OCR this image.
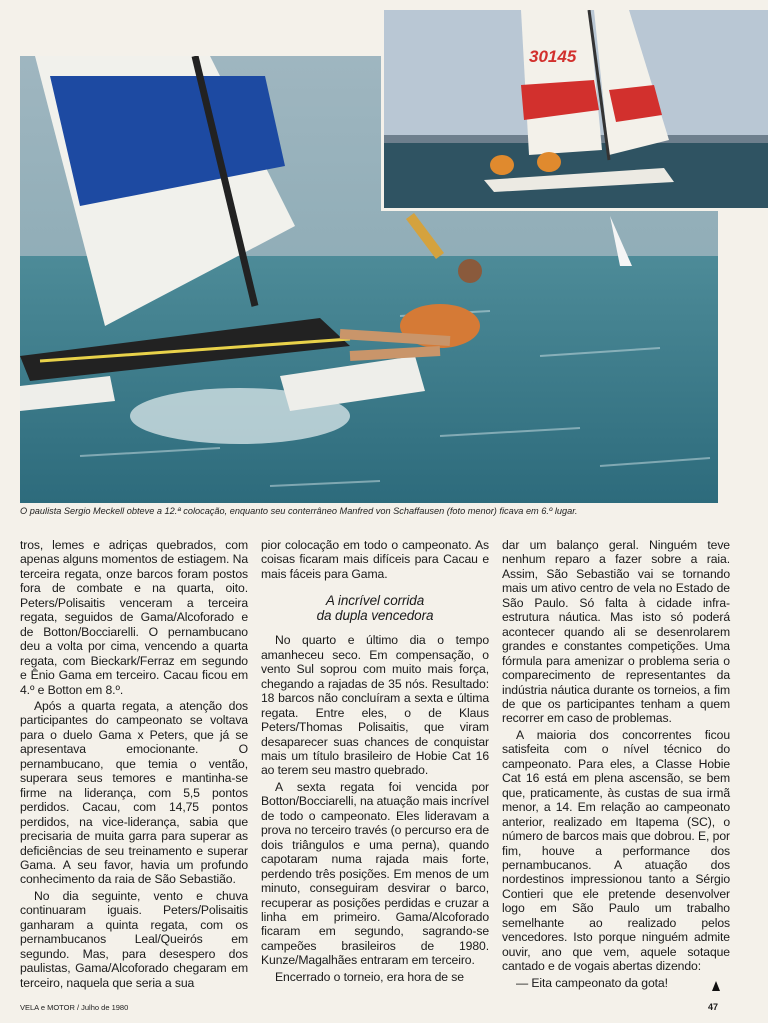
30145
O paulista Sergio Meckell obteve a 12.ª colocação, enquanto seu conterrâneo Manfred von Schaffausen (foto menor) ficava em 6.º lugar.

tros, lemes e adriças quebrados, com apenas alguns momentos de estiagem. Na terceira regata, onze barcos foram postos fora de combate e na quarta, oito. Peters/Polisaitis venceram a terceira regata, seguidos de Gama/Alcoforado e de Botton/Bocciarelli. O pernambucano deu a volta por cima, vencendo a quarta regata, com Bieckark/Ferraz em segundo e Ênio Gama em terceiro. Cacau ficou em 4.º e Botton em 8.º.

Após a quarta regata, a atenção dos participantes do campeonato se voltava para o duelo Gama x Peters, que já se apresentava emocionante. O pernambucano, que temia o ventão, superara seus temores e mantinha-se firme na liderança, com 5,5 pontos perdidos. Cacau, com 14,75 pontos perdidos, na vice-liderança, sabia que precisaria de muita garra para superar as deficiências de seu treinamento e superar Gama. A seu favor, havia um profundo conhecimento da raia de São Sebastião.

No dia seguinte, vento e chuva continuaram iguais. Peters/Polisaitis ganharam a quinta regata, com os pernambucanos Leal/Queirós em segundo. Mas, para desespero dos paulistas, Gama/Alcoforado chegaram em terceiro, naquela que seria a sua

pior colocação em todo o campeonato. As coisas ficaram mais difíceis para Cacau e mais fáceis para Gama.

A incrível corrida
da dupla vencedora

No quarto e último dia o tempo amanheceu seco. Em compensação, o vento Sul soprou com muito mais força, chegando a rajadas de 35 nós. Resultado: 18 barcos não concluíram a sexta e última regata. Entre eles, o de Klaus Peters/Thomas Polisaitis, que viram desaparecer suas chances de conquistar mais um título brasileiro de Hobie Cat 16 ao terem seu mastro quebrado.

A sexta regata foi vencida por Botton/Bocciarelli, na atuação mais incrível de todo o campeonato. Eles lideravam a prova no terceiro través (o percurso era de dois triângulos e uma perna), quando capotaram numa rajada mais forte, perdendo três posições. Em menos de um minuto, conseguiram desvirar o barco, recuperar as posições perdidas e cruzar a linha em primeiro. Gama/Alcoforado ficaram em segundo, sagrando-se campeões brasileiros de 1980. Kunze/Magalhães entraram em terceiro.

Encerrado o torneio, era hora de se

dar um balanço geral. Ninguém teve nenhum reparo a fazer sobre a raia. Assim, São Sebastião vai se tornando mais um ativo centro de vela no Estado de São Paulo. Só falta à cidade infra-estrutura náutica. Mas isto só poderá acontecer quando ali se desenrolarem grandes e constantes competições. Uma fórmula para amenizar o problema seria o comparecimento de representantes da indústria náutica durante os torneios, a fim de que os participantes tenham a quem recorrer em caso de problemas.

A maioria dos concorrentes ficou satisfeita com o nível técnico do campeonato. Para eles, a Classe Hobie Cat 16 está em plena ascensão, se bem que, praticamente, às custas de sua irmã menor, a 14. Em relação ao campeonato anterior, realizado em Itapema (SC), o número de barcos mais que dobrou. E, por fim, houve a performance dos pernambucanos. A atuação dos nordestinos impressionou tanto a Sérgio Contieri que ele pretende desenvolver logo em São Paulo um trabalho semelhante ao realizado pelos vencedores. Isto porque ninguém admite ouvir, ano que vem, aquele sotaque cantado e de vogais abertas dizendo:

— Eita campeonato da gota!

VELA e MOTOR / Julho de 1980	47
